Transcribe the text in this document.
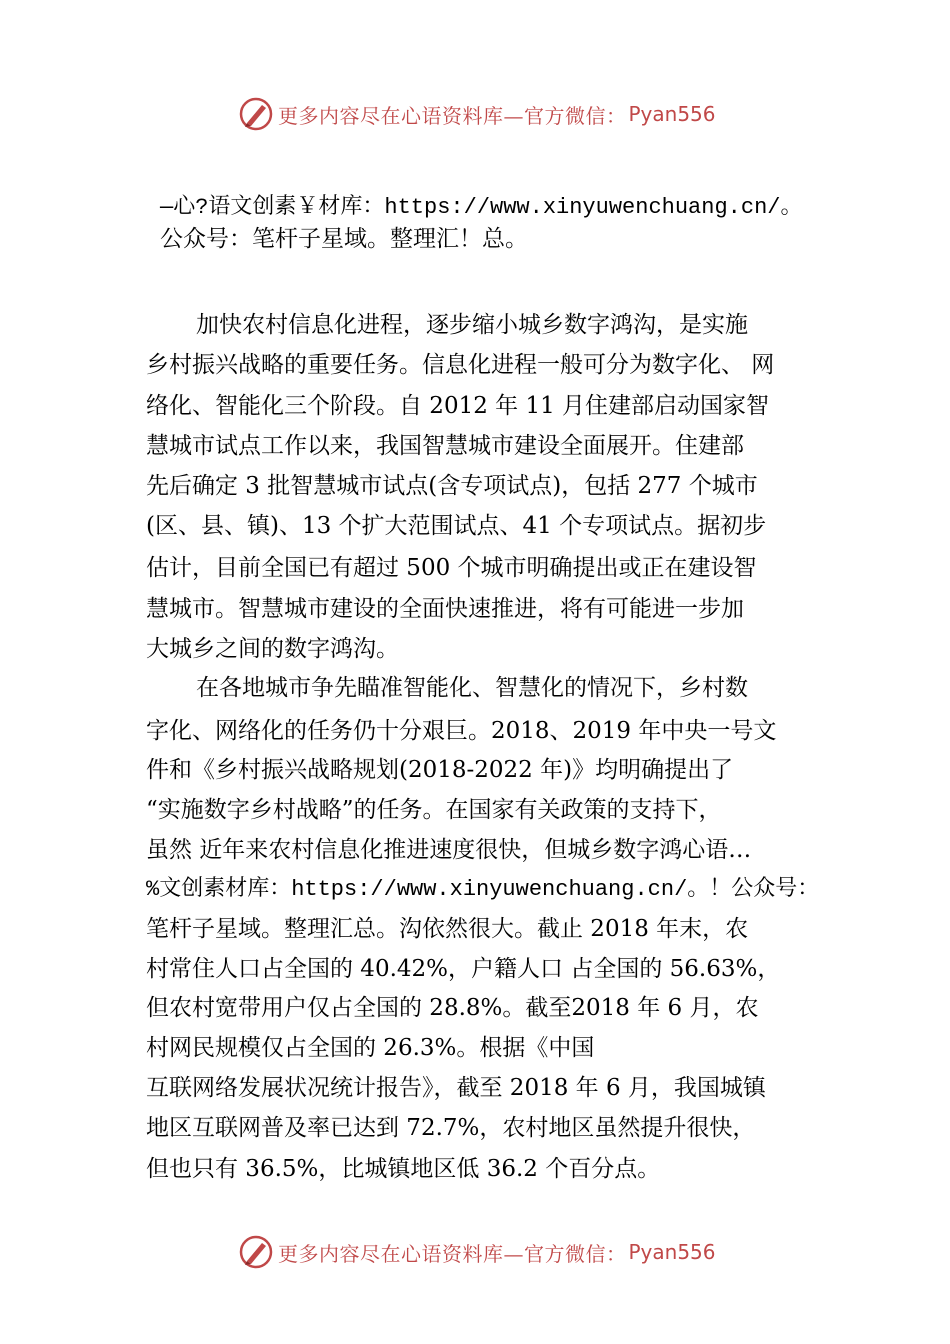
更多内容尽在心语资料库—官方微信： Pyan556
—心?语文创素￥材库：https://www.xinyuwenchuang.cn/。
公众号：笔杆子星域。整理汇！总。
加快农村信息化进程，逐步缩小城乡数字鸿沟，是实施
乡村振兴战略的重要任务。信息化进程一般可分为数字化、 网
络化、智能化三个阶段。自 2012 年 11 月住建部启动国家智
慧城市试点工作以来，我国智慧城市建设全面展开。住建部
先后确定 3 批智慧城市试点(含专项试点)，包括 277 个城市
(区、县、镇)、13 个扩大范围试点、41 个专项试点。据初步
估计，目前全国已有超过 500 个城市明确提出或正在建设智
慧城市。智慧城市建设的全面快速推进，将有可能进一步加
大城乡之间的数字鸿沟。
在各地城市争先瞄准智能化、智慧化的情况下，乡村数
字化、网络化的任务仍十分艰巨。2018、2019 年中央一号文
件和《乡村振兴战略规划(2018-2022 年)》均明确提出了
“实施数字乡村战略”的任务。在国家有关政策的支持下，
虽然 近年来农村信息化推进速度很快，但城乡数字鸿心语…
%文创素材库：https://www.xinyuwenchuang.cn/。！公众号：
笔杆子星域。整理汇总。沟依然很大。截止 2018 年末，农
村常住人口占全国的 40.42%，户籍人口 占全国的 56.63%，
但农村宽带用户仅占全国的 28.8%。截至2018 年 6 月，农
村网民规模仅占全国的 26.3%。根据《中国
互联网络发展状况统计报告》，截至 2018 年 6 月，我国城镇
地区互联网普及率已达到 72.7%，农村地区虽然提升很快，
但也只有 36.5%，比城镇地区低 36.2 个百分点。
更多内容尽在心语资料库—官方微信： Pyan556
